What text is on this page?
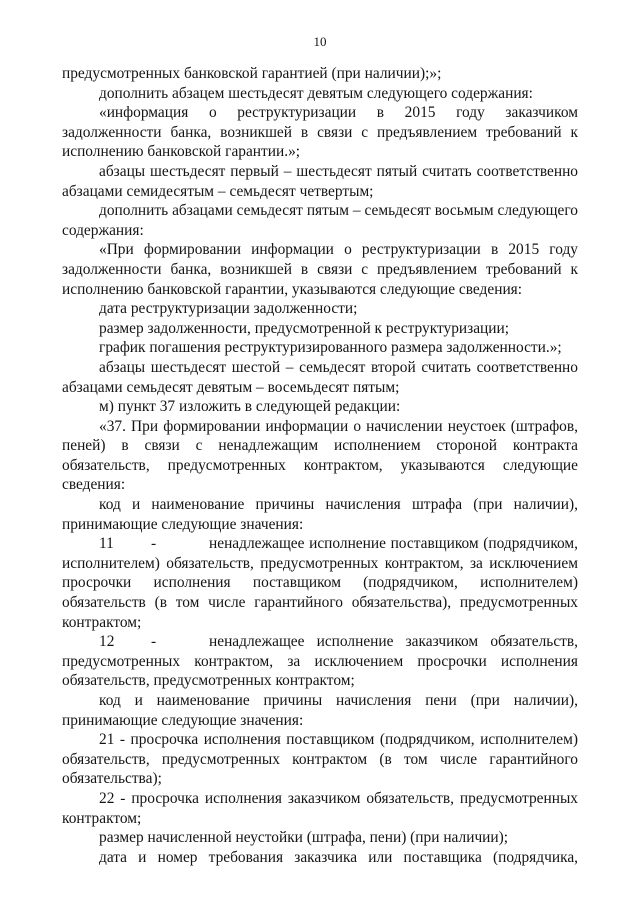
10

предусмотренных банковской гарантией (при наличии);»;

дополнить абзацем шестьдесят девятым следующего содержания:

«информация о реструктуризации в 2015 году заказчиком задолженности банка, возникшей в связи с предъявлением требований к исполнению банковской гарантии.»;

абзацы шестьдесят первый – шестьдесят пятый считать соответственно абзацами семидесятым – семьдесят четвертым;

дополнить абзацами семьдесят пятым – семьдесят восьмым следующего содержания:

«При формировании информации о реструктуризации в 2015 году задолженности банка, возникшей в связи с предъявлением требований к исполнению банковской гарантии, указываются следующие сведения:

дата реструктуризации задолженности;

размер задолженности, предусмотренной к реструктуризации;

график погашения реструктуризированного размера задолженности.»;

абзацы шестьдесят шестой – семьдесят второй считать соответственно абзацами семьдесят девятым – восемьдесят пятым;

м) пункт 37 изложить в следующей редакции:

«37. При формировании информации о начислении неустоек (штрафов, пеней) в связи с ненадлежащим исполнением стороной контракта обязательств, предусмотренных контрактом, указываются следующие сведения:

код и наименование причины начисления штрафа (при наличии), принимающие следующие значения:

11	-	ненадлежащее исполнение поставщиком (подрядчиком,

исполнителем) обязательств, предусмотренных контрактом, за исключением просрочки исполнения поставщиком (подрядчиком, исполнителем) обязательств (в том числе гарантийного обязательства), предусмотренных контрактом;

12	-	ненадлежащее исполнение заказчиком обязательств,

предусмотренных контрактом, за исключением просрочки исполнения обязательств, предусмотренных контрактом;

код и наименование причины начисления пени (при наличии), принимающие следующие значения:

21 - просрочка исполнения поставщиком (подрядчиком, исполнителем) обязательств, предусмотренных контрактом (в том числе гарантийного обязательства);

22 - просрочка исполнения заказчиком обязательств, предусмотренных контрактом;

размер начисленной неустойки (штрафа, пени) (при наличии);

дата и номер требования заказчика или поставщика (подрядчика,
